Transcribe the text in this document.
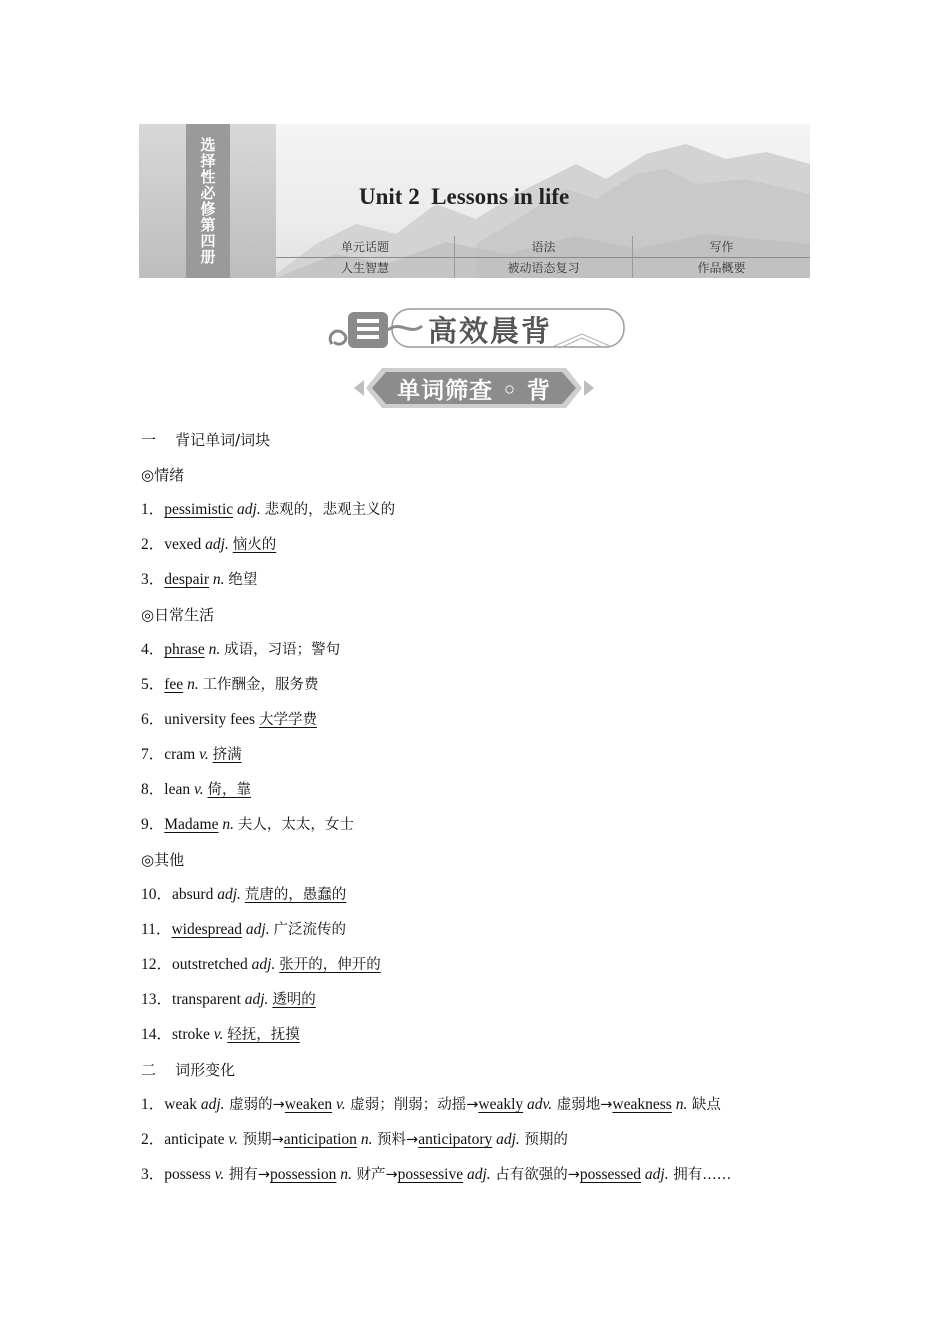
选择性必修第四册	Unit 2  Lessons in life
单元话题
人生智慧
语法
被动语态复习
写作
作品概要
高效晨背
单词筛查 ◦ 背
一 背记单词/词块
◎情绪
1．pessimistic adj. 悲观的，悲观主义的
2．vexed adj. 恼火的
3．despair n. 绝望
◎日常生活
4．phrase n. 成语，习语；警句
5．fee n. 工作酬金，服务费
6．university fees 大学学费
7．cram v. 挤满
8．lean v. 倚，靠
9．Madame n. 夫人，太太，女士
◎其他
10．absurd adj. 荒唐的，愚蠢的
11．widespread adj. 广泛流传的
12．outstretched adj. 张开的，伸开的
13．transparent adj. 透明的
14．stroke v. 轻抚，抚摸
二 词形变化
1．weak adj. 虚弱的→weaken v. 虚弱；削弱；动摇→weakly adv. 虚弱地→weakness n. 缺点
2．anticipate v. 预期→anticipation n. 预料→anticipatory adj. 预期的
3．possess v. 拥有→possession n. 财产→possessive adj. 占有欲强的→possessed adj. 拥有……
